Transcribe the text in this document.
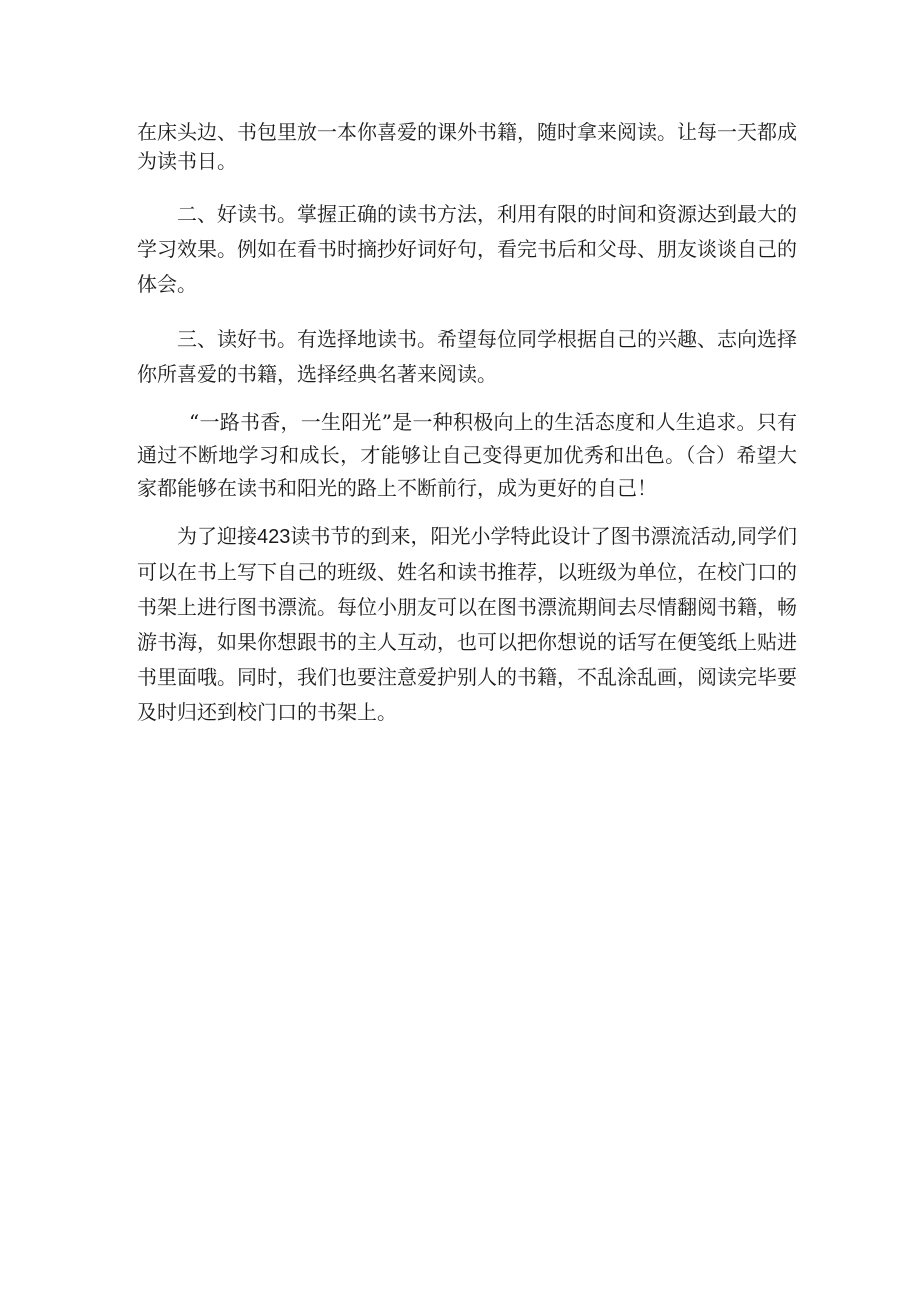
在床头边、书包里放一本你喜爱的课外书籍，随时拿来阅读。让每一天都成为读书日。

二、好读书。掌握正确的读书方法，利用有限的时间和资源达到最大的学习效果。例如在看书时摘抄好词好句，看完书后和父母、朋友谈谈自己的体会。

三、读好书。有选择地读书。希望每位同学根据自己的兴趣、志向选择你所喜爱的书籍，选择经典名著来阅读。

“一路书香，一生阳光”是一种积极向上的生活态度和人生追求。只有通过不断地学习和成长，才能够让自己变得更加优秀和出色。（合）希望大家都能够在读书和阳光的路上不断前行，成为更好的自己！

为了迎接423读书节的到来，阳光小学特此设计了图书漂流活动,同学们可以在书上写下自己的班级、姓名和读书推荐，以班级为单位，在校门口的书架上进行图书漂流。每位小朋友可以在图书漂流期间去尽情翻阅书籍，畅游书海，如果你想跟书的主人互动，也可以把你想说的话写在便笺纸上贴进书里面哦。同时，我们也要注意爱护别人的书籍，不乱涂乱画，阅读完毕要及时归还到校门口的书架上。
